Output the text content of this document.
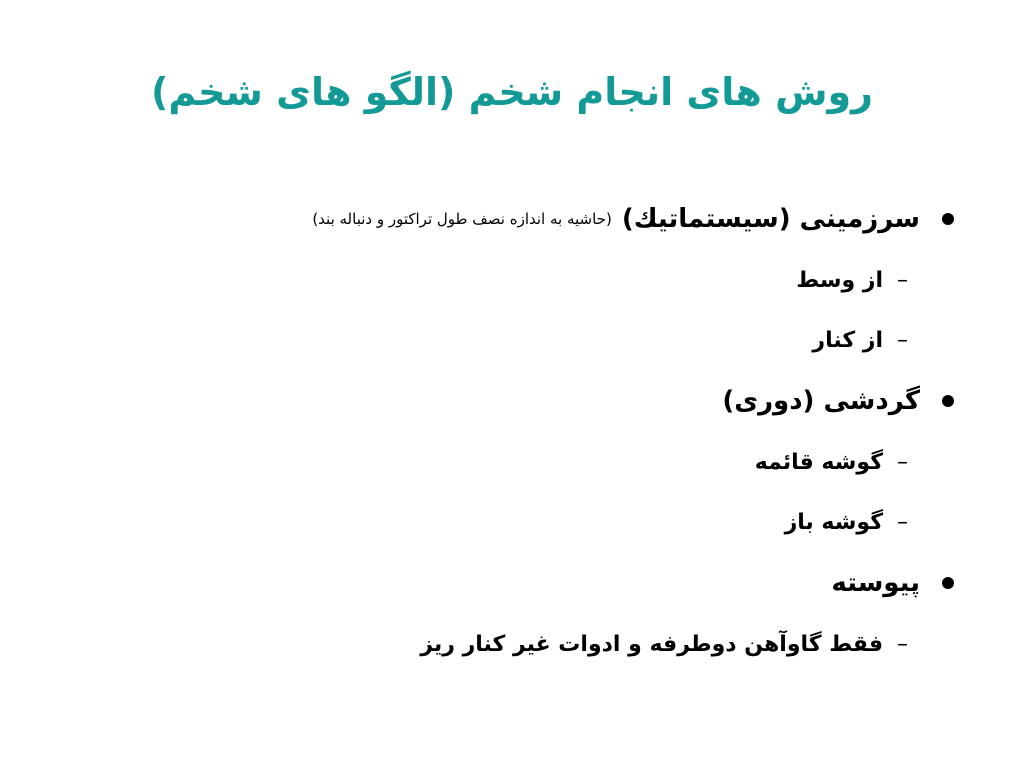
روش های انجام شخم (الگو های شخم)
سرزمینی (سیستماتیك)
(حاشیه به اندازه نصف طول تراکتور و دنباله بند)
–
از وسط
–
از کنار
گردشی (دوری)
–
گوشه قائمه
–
گوشه باز
پیوسته
–
فقط گاوآهن دوطرفه و ادوات غیر کنار ریز
